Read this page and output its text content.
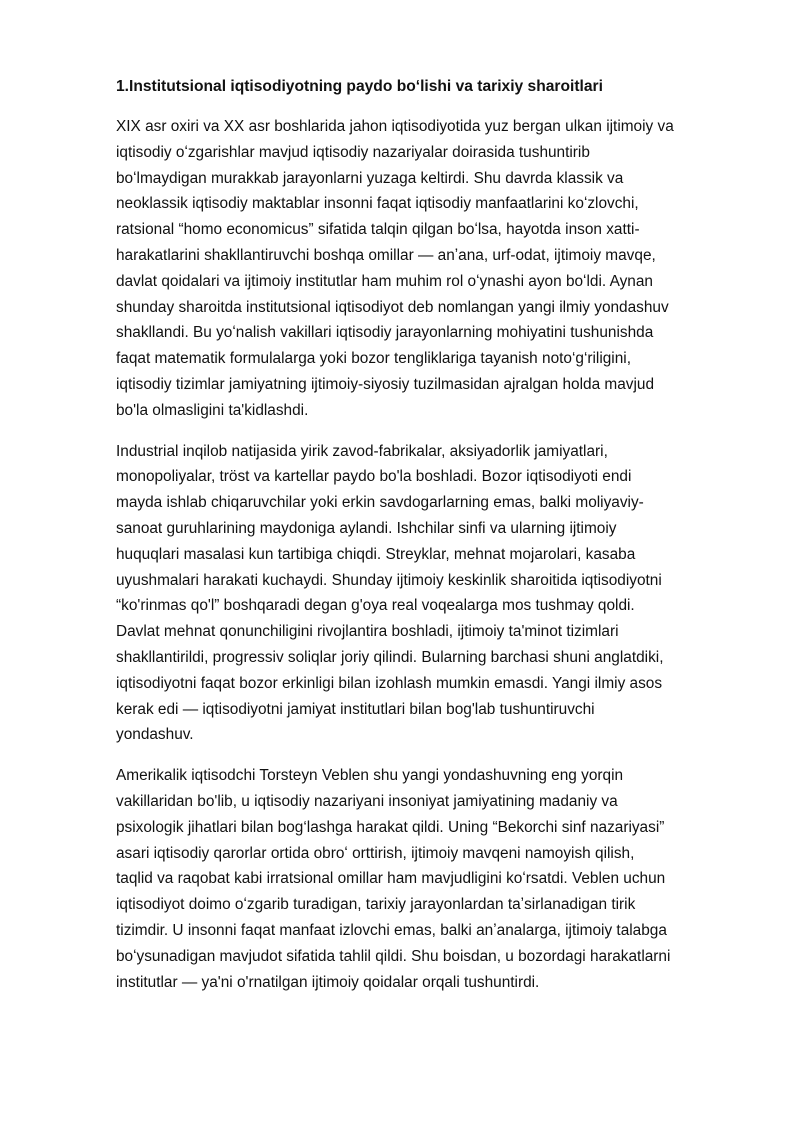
1.Institutsional iqtisodiyotning paydo bo‘lishi va tarixiy sharoitlari
XIX asr oxiri va XX asr boshlarida jahon iqtisodiyotida yuz bergan ulkan ijtimoiy va
iqtisodiy oʻzgarishlar mavjud iqtisodiy nazariyalar doirasida tushuntirib
boʻlmaydigan murakkab jarayonlarni yuzaga keltirdi. Shu davrda klassik va
neoklassik iqtisodiy maktablar insonni faqat iqtisodiy manfaatlarini koʻzlovchi,
ratsional “homo economicus” sifatida talqin qilgan boʻlsa, hayotda inson xatti-
harakatlarini shakllantiruvchi boshqa omillar — anʼana, urf-odat, ijtimoiy mavqe,
davlat qoidalari va ijtimoiy institutlar ham muhim rol oʻynashi ayon boʻldi. Aynan
shunday sharoitda institutsional iqtisodiyot deb nomlangan yangi ilmiy yondashuv
shakllandi. Bu yoʻnalish vakillari iqtisodiy jarayonlarning mohiyatini tushunishda
faqat matematik formulalarga yoki bozor tengliklariga tayanish noto‘g‘riligini,
iqtisodiy tizimlar jamiyatning ijtimoiy-siyosiy tuzilmasidan ajralgan holda mavjud
bo'la olmasligini ta'kidlashdi.
Industrial inqilob natijasida yirik zavod-fabrikalar, aksiyadorlik jamiyatlari,
monopoliyalar, tröst va kartellar paydo bo'la boshladi. Bozor iqtisodiyoti endi
mayda ishlab chiqaruvchilar yoki erkin savdogarlarning emas, balki moliyaviy-
sanoat guruhlarining maydoniga aylandi. Ishchilar sinfi va ularning ijtimoiy
huquqlari masalasi kun tartibiga chiqdi. Streyklar, mehnat mojarolari, kasaba
uyushmalari harakati kuchaydi. Shunday ijtimoiy keskinlik sharoitida iqtisodiyotni
“ko'rinmas qo'l” boshqaradi degan g'oya real voqealarga mos tushmay qoldi.
Davlat mehnat qonunchiligini rivojlantira boshladi, ijtimoiy ta'minot tizimlari
shakllantirildi, progressiv soliqlar joriy qilindi. Bularning barchasi shuni anglatdiki,
iqtisodiyotni faqat bozor erkinligi bilan izohlash mumkin emasdi. Yangi ilmiy asos
kerak edi — iqtisodiyotni jamiyat institutlari bilan bog'lab tushuntiruvchi
yondashuv.
Amerikalik iqtisodchi Torsteyn Veblen shu yangi yondashuvning eng yorqin
vakillaridan bo'lib, u iqtisodiy nazariyani insoniyat jamiyatining madaniy va
psixologik jihatlari bilan bog‘lashga harakat qildi. Uning “Bekorchi sinf nazariyasi”
asari iqtisodiy qarorlar ortida obroʻ orttirish, ijtimoiy mavqeni namoyish qilish,
taqlid va raqobat kabi irratsional omillar ham mavjudligini koʻrsatdi. Veblen uchun
iqtisodiyot doimo oʻzgarib turadigan, tarixiy jarayonlardan taʼsirlanadigan tirik
tizimdir. U insonni faqat manfaat izlovchi emas, balki anʼanalarga, ijtimoiy talabga
boʻysunadigan mavjudot sifatida tahlil qildi. Shu boisdan, u bozordagi harakatlarni
institutlar — ya'ni o'rnatilgan ijtimoiy qoidalar orqali tushuntirdi.
